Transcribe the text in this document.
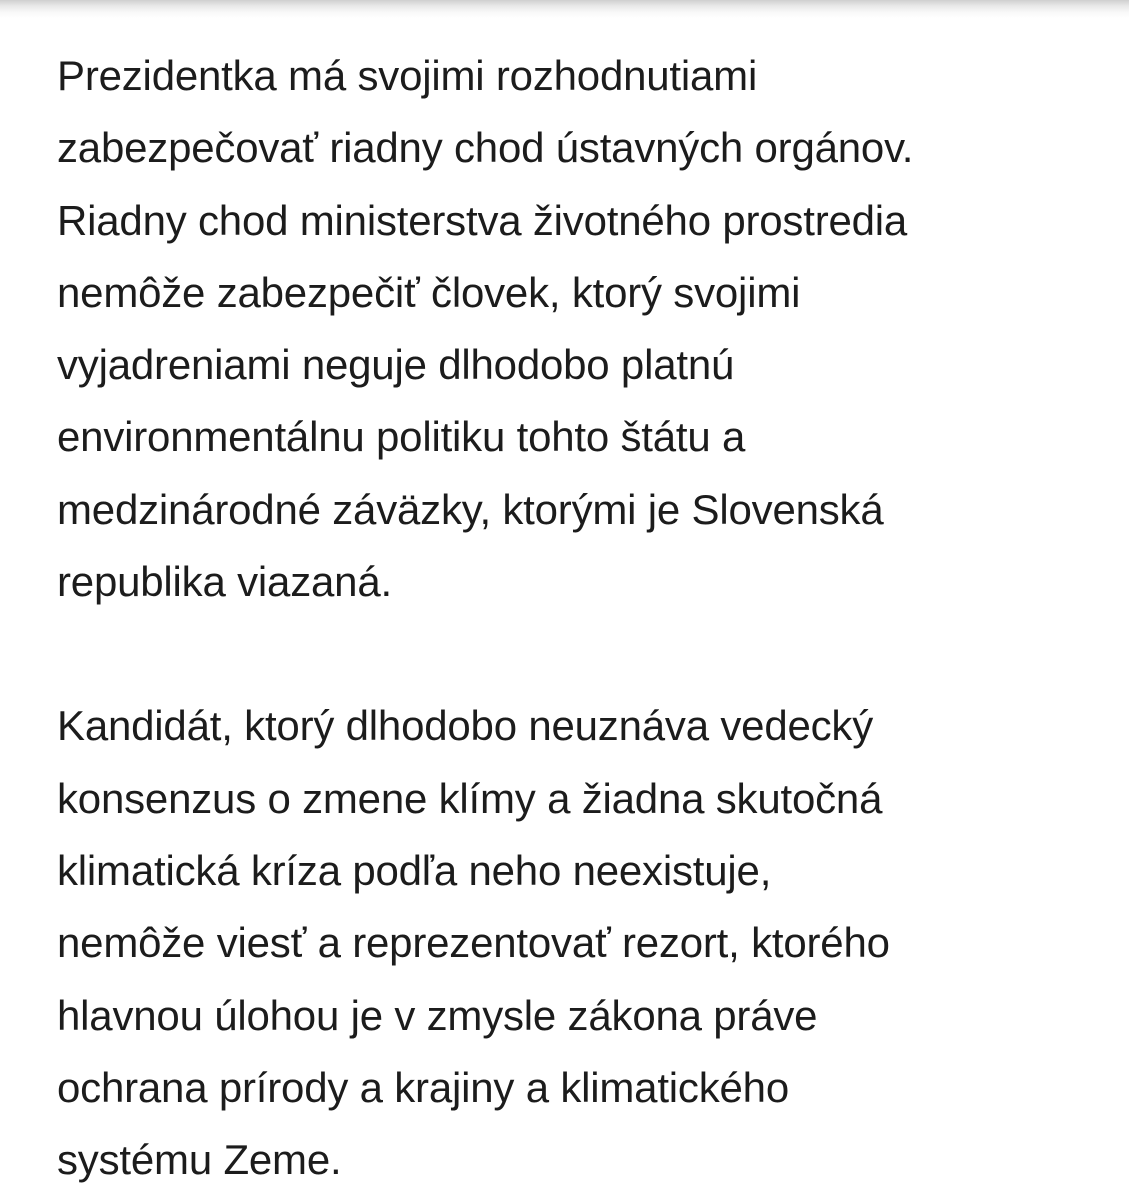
Prezidentka má svojimi rozhodnutiami
zabezpečovať riadny chod ústavných orgánov.
Riadny chod ministerstva životného prostredia
nemôže zabezpečiť človek, ktorý svojimi
vyjadreniami neguje dlhodobo platnú
environmentálnu politiku tohto štátu a
medzinárodné záväzky, ktorými je Slovenská
republika viazaná.

Kandidát, ktorý dlhodobo neuznáva vedecký
konsenzus o zmene klímy a žiadna skutočná
klimatická kríza podľa neho neexistuje,
nemôže viesť a reprezentovať rezort, ktorého
hlavnou úlohou je v zmysle zákona práve
ochrana prírody a krajiny a klimatického
systému Zeme.
